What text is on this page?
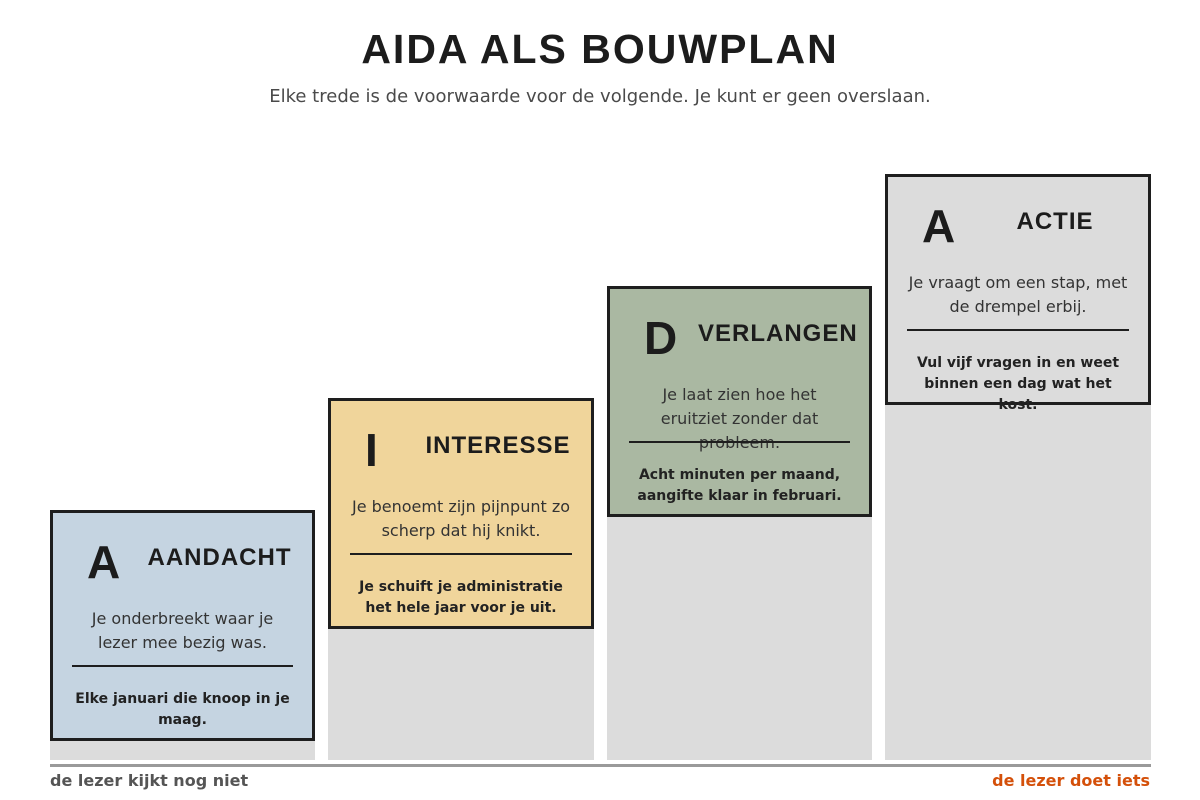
AIDA ALS BOUWPLAN

Elke trede is de voorwaarde voor de volgende. Je kunt er geen overslaan.

A AANDACHT
Je onderbreekt waar je lezer mee bezig was.
Elke januari die knoop in je maag.
I INTERESSE
Je benoemt zijn pijnpunt zo scherp dat hij knikt.
Je schuift je administratie het hele jaar voor je uit.
D VERLANGEN
Je laat zien hoe het eruitziet zonder dat
Acht minuten per maand, aangifte klaar in februari.
A	ACTIE
Je vraagt om een stap, met de drempel erbij.
Vul vijf vragen in en weet binnen een dag wat het kost.
de lezer kijkt nog niet	de lezer doet iets
